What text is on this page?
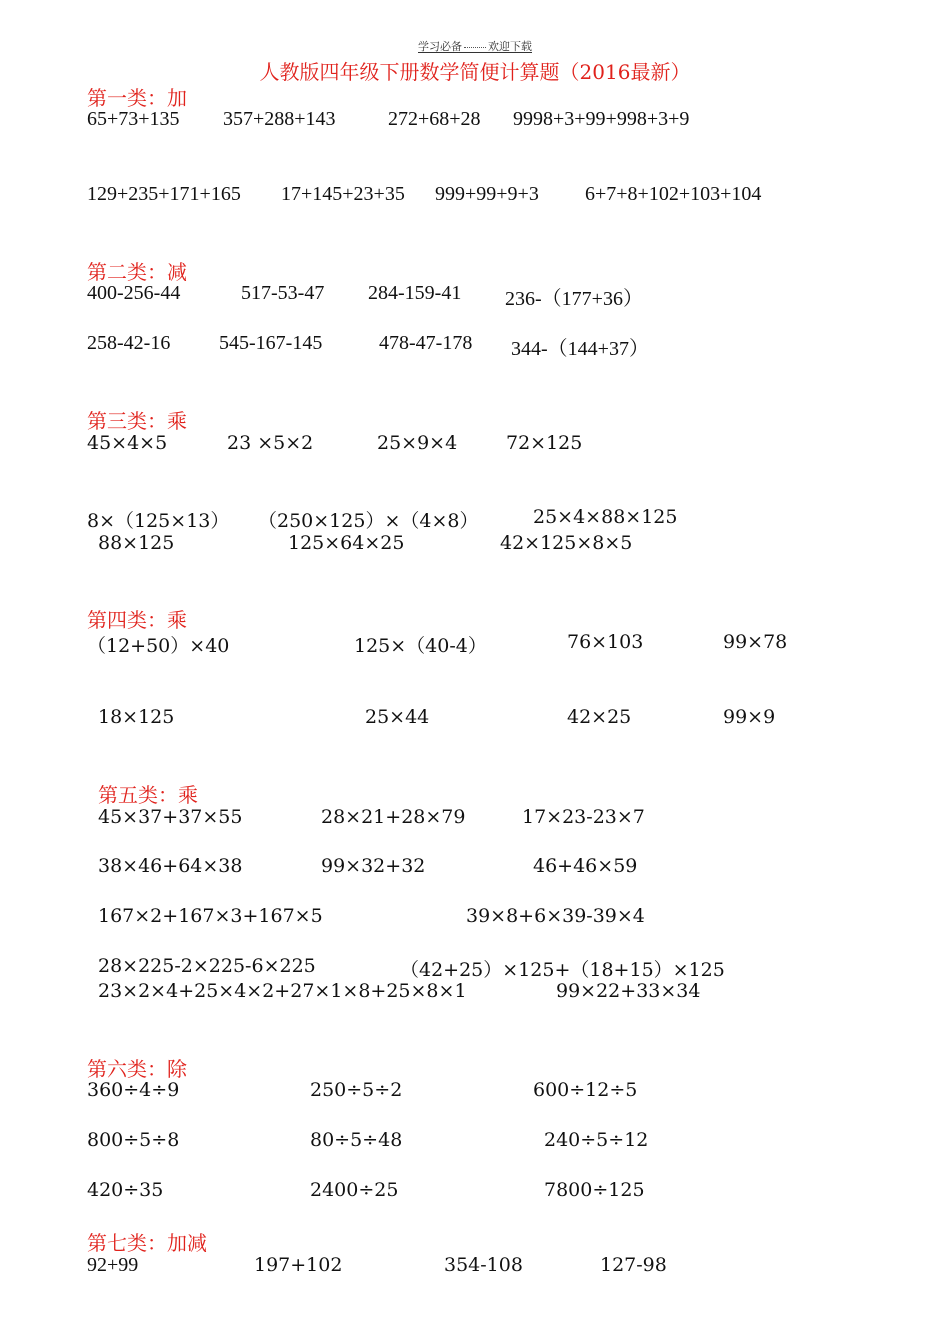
学习必备 欢迎下载
人教版四年级下册数学简便计算题（2016最新）
第一类：加
65+73+135 357+288+143	272+68+28 9998+3+99+998+3+9
129+235+171+165 17+145+23+35 999+99+9+3 6+7+8+102+103+104
第二类：减
400-256-44	517-53-47 284-159-41 236-（177+36）
258-42-16 545-167-145	478-47-178 344-（144+37）
第三类：乘
45×4×5	23 ×5×2	25×9×4	72×125
8×（125×13） （250×125）×（4×8）	25×4×88×125
88×125	125×64×25	42×125×8×5
第四类：乘
（12+50）×40	125×（40-4）	76×103	99×78
18×125	25×44	42×25	99×9
第五类：乘
45×37+37×55	28×21+28×79	17×23-23×7
38×46+64×38	99×32+32	46+46×59
167×2+167×3+167×5	39×8+6×39-39×4
28×225-2×225-6×225	（42+25）×125+（18+15）×125
23×2×4+25×4×2+27×1×8+25×8×1	99×22+33×34
第六类：除
360÷4÷9	250÷5÷2	600÷12÷5
800÷5÷8	80÷5÷48	240÷5÷12
420÷35	2400÷25	7800÷125
第七类：加减
92+99	197+102	354-108	127-98
